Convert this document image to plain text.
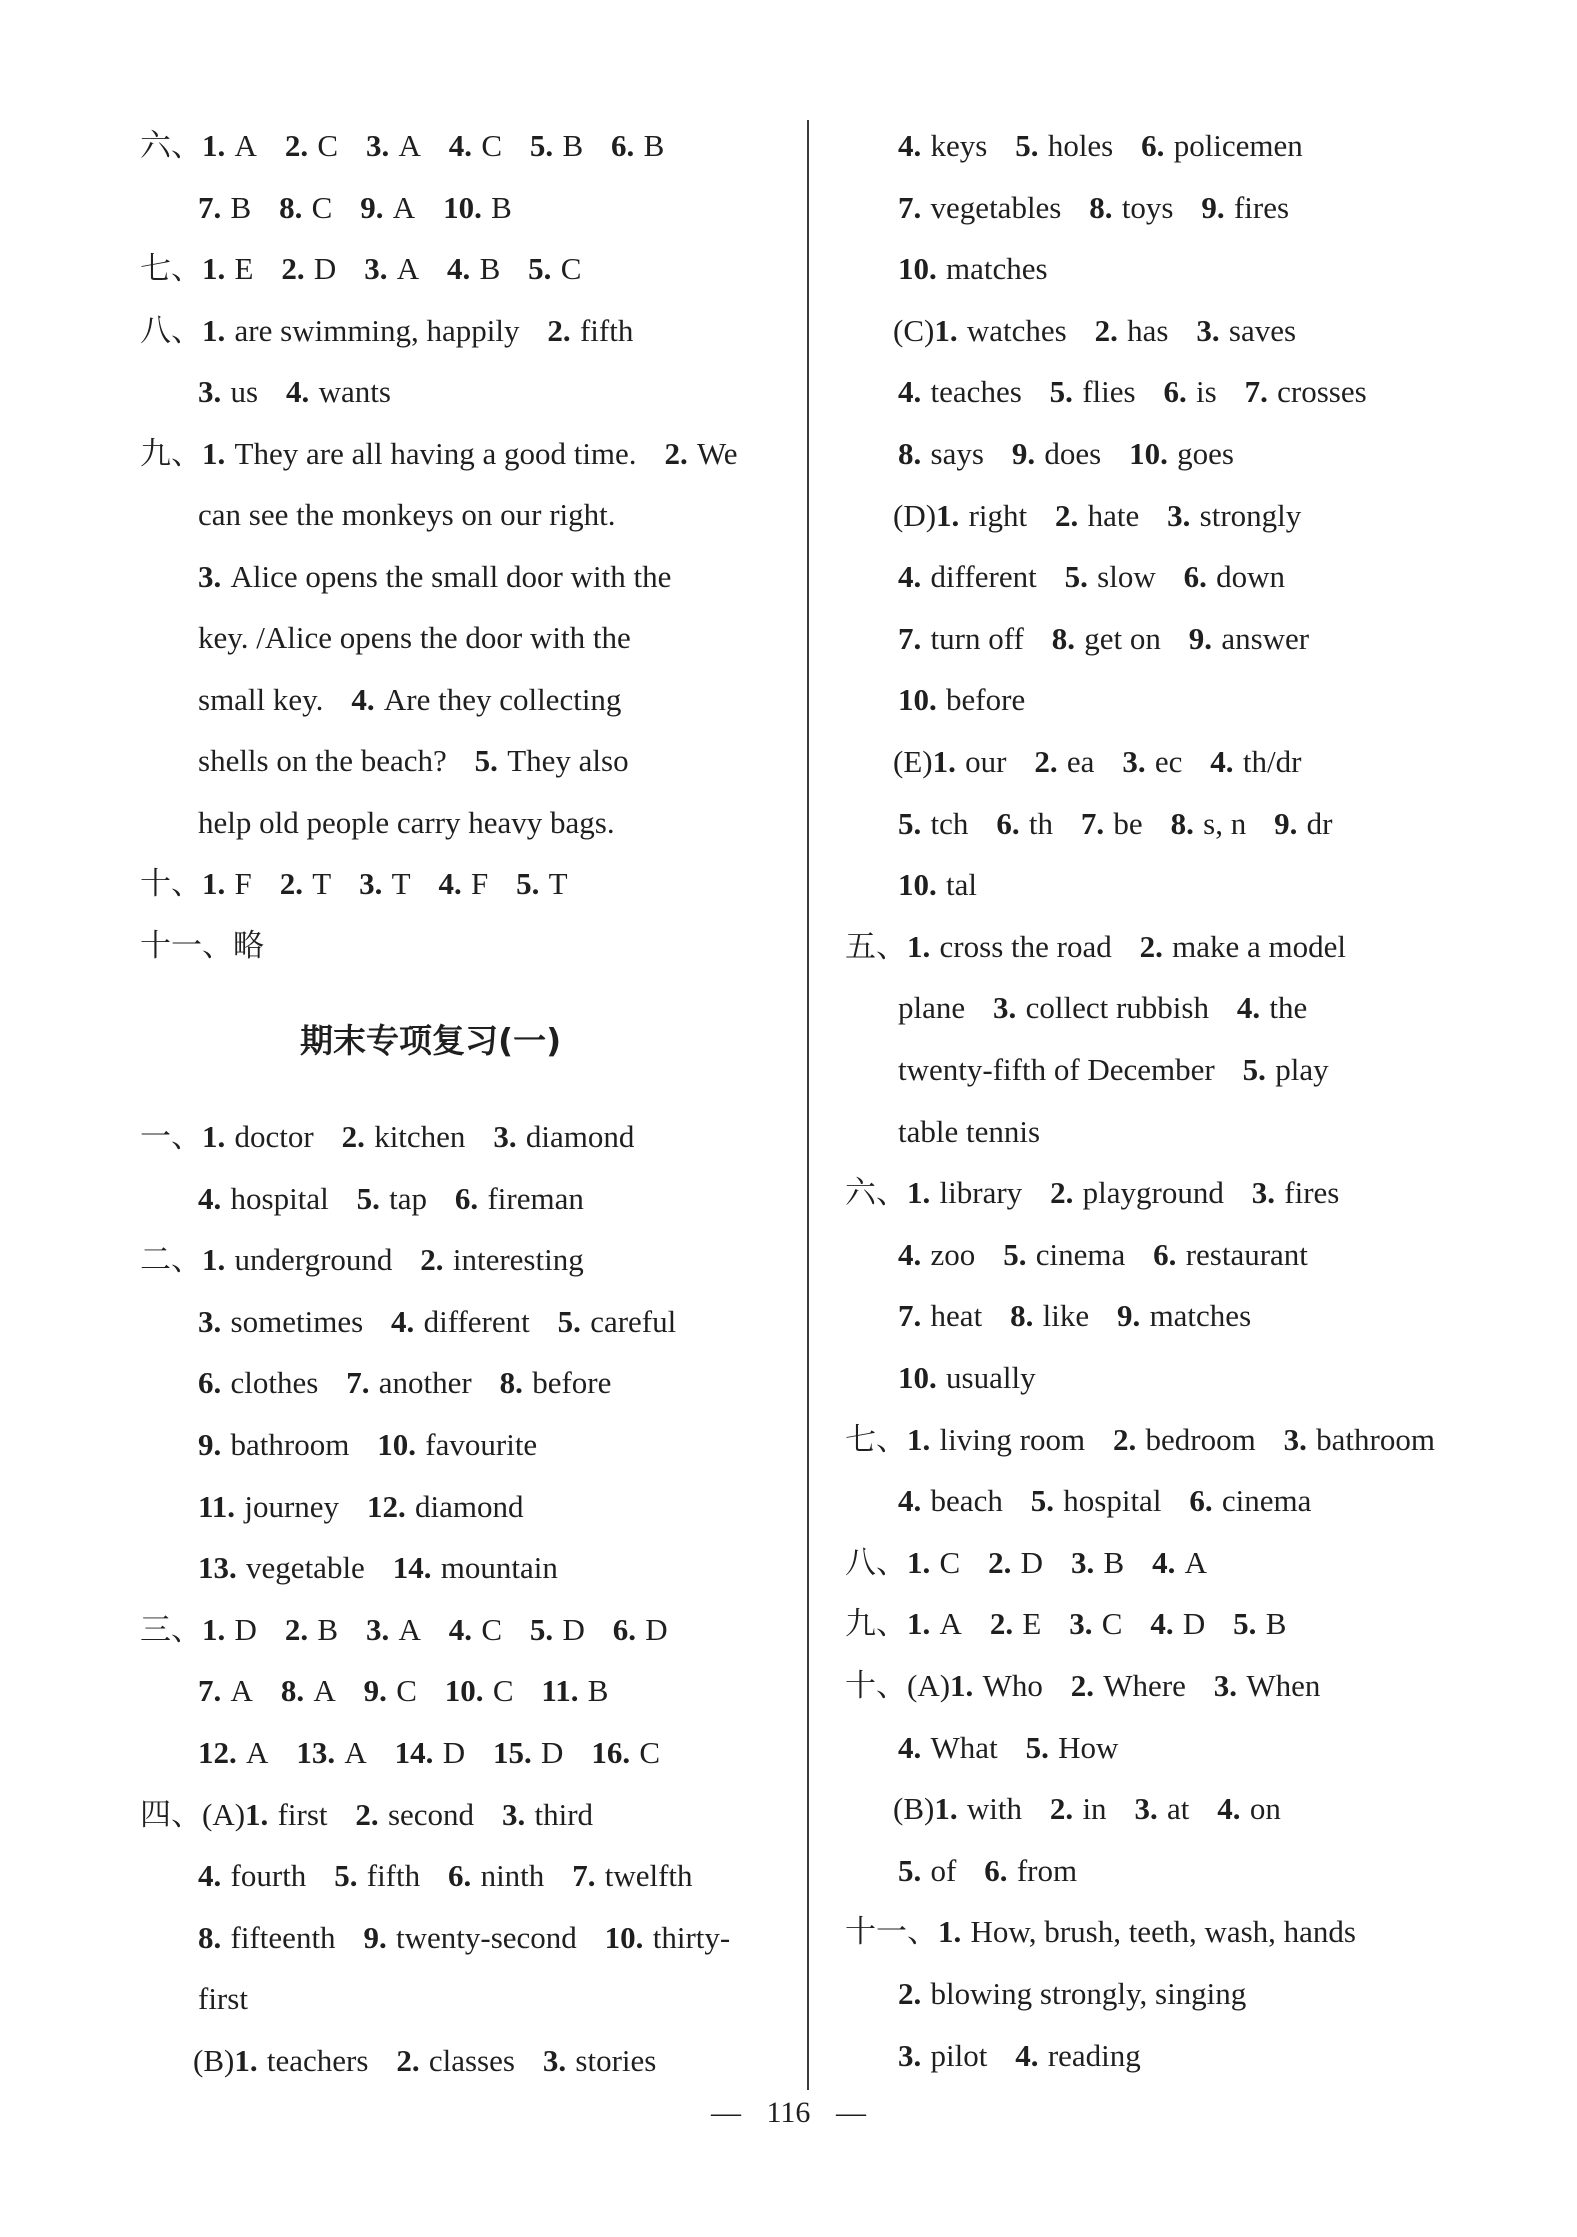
六、1. A 2. C 3. A 4. C 5. B 6. B
7. B 8. C 9. A 10. B
七、1. E 2. D 3. A 4. B 5. C
八、1. are swimming, happily 2. fifth
3. us 4. wants
九、1. They are all having a good time. 2. We
can see the monkeys on our right.
3. Alice opens the small door with the
key. /Alice opens the door with the
small key. 4. Are they collecting
shells on the beach? 5. They also
help old people carry heavy bags.
十、1. F 2. T 3. T 4. F 5. T
十一、略
一、1. doctor 2. kitchen 3. diamond
4. hospital 5. tap 6. fireman
二、1. underground 2. interesting
3. sometimes 4. different 5. careful
6. clothes 7. another 8. before
9. bathroom 10. favourite
11. journey 12. diamond
13. vegetable 14. mountain
三、1. D 2. B 3. A 4. C 5. D 6. D
7. A 8. A 9. C 10. C 11. B
12. A 13. A 14. D 15. D 16. C
四、(A)1. first 2. second 3. third
4. fourth 5. fifth 6. ninth 7. twelfth
8. fifteenth 9. twenty-second 10. thirty-
first
(B)1. teachers 2. classes 3. stories
4. keys 5. holes 6. policemen
7. vegetables 8. toys 9. fires
10. matches
(C)1. watches 2. has 3. saves
4. teaches 5. flies 6. is 7. crosses
8. says 9. does 10. goes
(D)1. right 2. hate 3. strongly
4. different 5. slow 6. down
7. turn off 8. get on 9. answer
10. before
(E)1. our 2. ea 3. ec 4. th/dr
5. tch 6. th 7. be 8. s, n 9. dr
10. tal
五、1. cross the road 2. make a model
plane 3. collect rubbish 4. the
twenty-fifth of December 5. play
table tennis
六、1. library 2. playground 3. fires
4. zoo 5. cinema 6. restaurant
7. heat 8. like 9. matches
10. usually
七、1. living room 2. bedroom 3. bathroom
4. beach 5. hospital 6. cinema
八、1. C 2. D 3. B 4. A
九、1. A 2. E 3. C 4. D 5. B
十、(A)1. Who 2. Where 3. When
4. What 5. How
(B)1. with 2. in 3. at 4. on
5. of 6. from
十一、1. How, brush, teeth, wash, hands
2. blowing strongly, singing
3. pilot 4. reading
期末专项复习(一)
— 116 —
